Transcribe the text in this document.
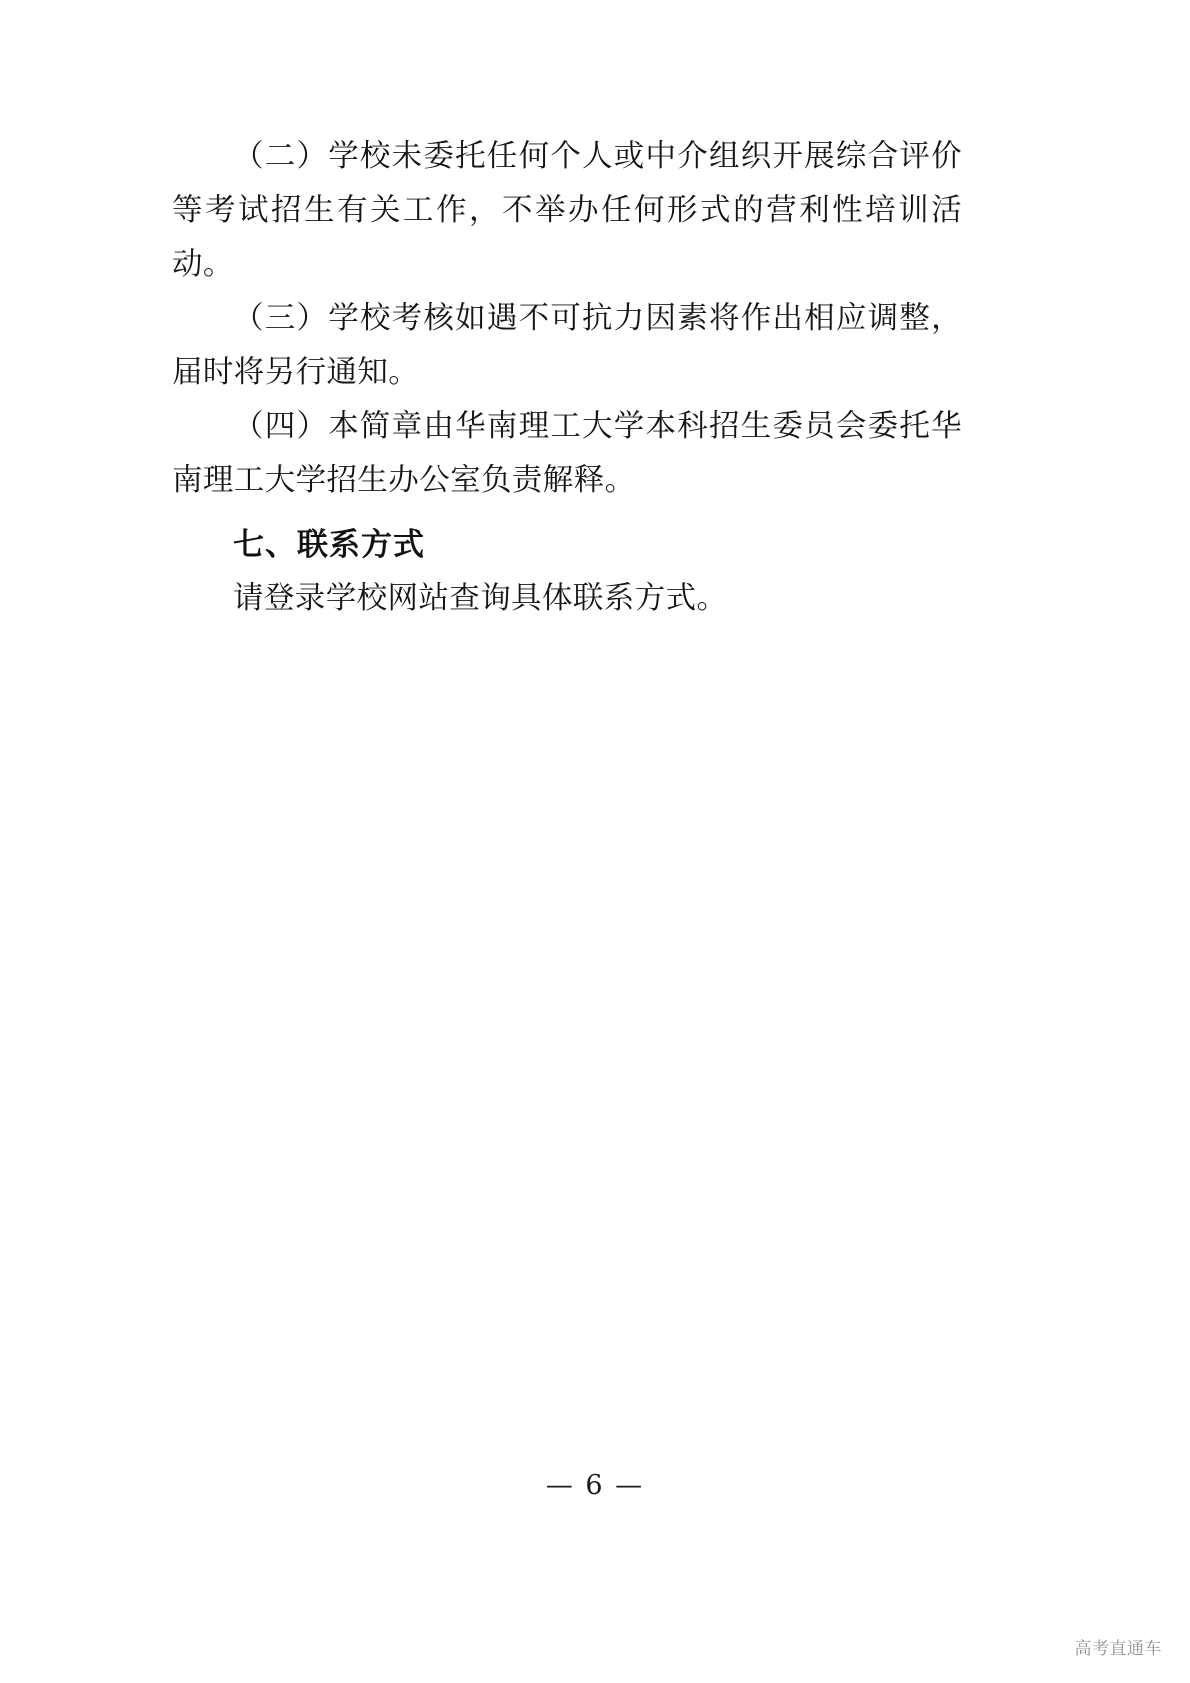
（二）学校未委托任何个人或中介组织开展综合评价等考试招生有关工作，不举办任何形式的营利性培训活动。

（三）学校考核如遇不可抗力因素将作出相应调整，届时将另行通知。

（四）本简章由华南理工大学本科招生委员会委托华南理工大学招生办公室负责解释。

七、联系方式

请登录学校网站查询具体联系方式。

— 6 —
高考直通车
